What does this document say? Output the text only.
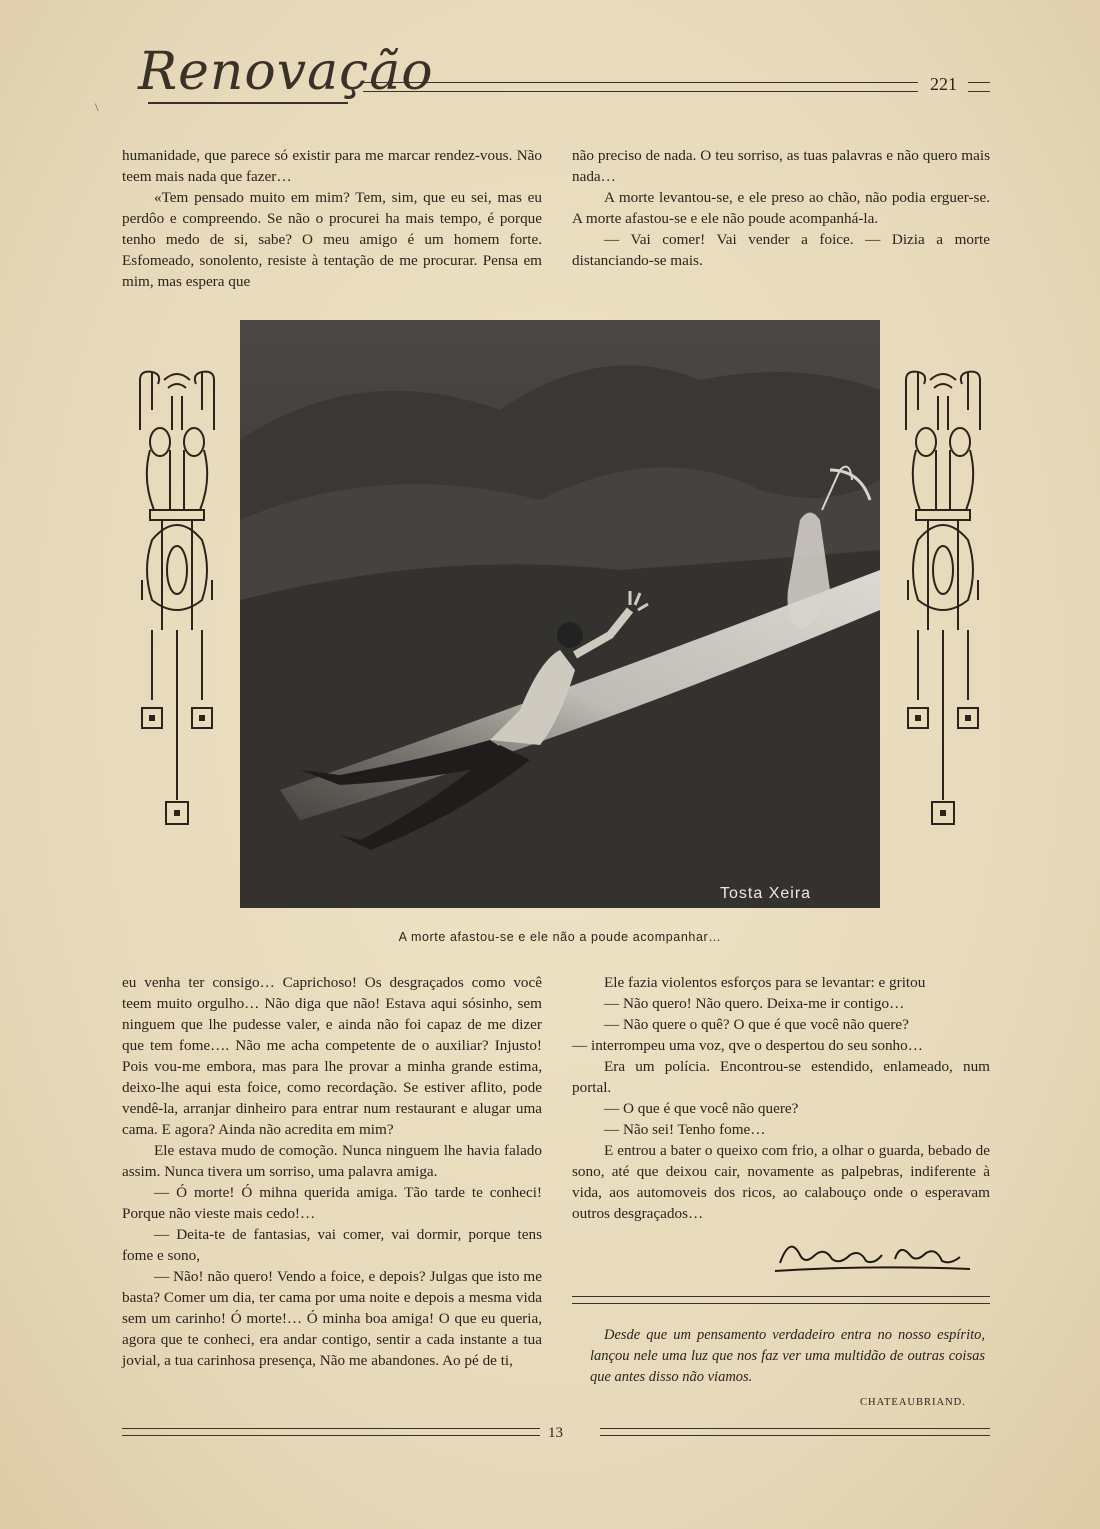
\
Renovação	221

humanidade, que parece só existir para me marcar rendez-vous. Não teem mais nada que fazer…

«Tem pensado muito em mim? Tem, sim, que eu sei, mas eu perdôo e compreendo. Se não o procurei ha mais tempo, é porque tenho medo de si, sabe? O meu amigo é um homem forte. Esfomeado, sonolento, resiste à tentação de me procurar. Pensa em mim, mas espera que

não preciso de nada. O teu sorriso, as tuas palavras e não quero mais nada…

A morte levantou-se, e ele preso ao chão, não podia erguer-se. A morte afastou-se e ele não poude acompanhá-la.

— Vai comer! Vai vender a foice. — Dizia a morte distanciando-se mais.

Tosta Xeira
A morte afastou-se e ele não a poude acompanhar…

eu venha ter consigo… Caprichoso! Os desgraçados como você teem muito orgulho… Não diga que não! Estava aqui sósinho, sem ninguem que lhe pudesse valer, e ainda não foi capaz de me dizer que tem fome…. Não me acha competente de o auxiliar? Injusto! Pois vou-me embora, mas para lhe provar a minha grande estima, deixo-lhe aqui esta foice, como recordação. Se estiver aflito, pode vendê-la, arranjar dinheiro para entrar num restaurant e alugar uma cama. E agora? Ainda não acredita em mim?

Ele estava mudo de comoção. Nunca ninguem lhe havia falado assim. Nunca tivera um sorriso, uma palavra amiga.

— Ó morte! Ó mihna querida amiga. Tão tarde te conheci! Porque não vieste mais cedo!…

— Deita-te de fantasias, vai comer, vai dormir, porque tens fome e sono,

— Não! não quero! Vendo a foice, e depois? Julgas que isto me basta? Comer um dia, ter cama por uma noite e depois a mesma vida sem um carinho! Ó morte!… Ó minha boa amiga! O que eu queria, agora que te conheci, era andar contigo, sentir a cada instante a tua jovial, a tua carinhosa presença, Não me abandones. Ao pé de ti,

Ele fazia violentos esforços para se levantar: e gritou

— Não quero! Não quero. Deixa-me ir contigo…

— Não quere o quê? O que é que você não quere?

— interrompeu uma voz, qve o despertou do seu sonho…

Era um polícia. Encontrou-se estendido, enlameado, num portal.

— O que é que você não quere?

— Não sei! Tenho fome…

E entrou a bater o queixo com frio, a olhar o guarda, bebado de sono, até que deixou cair, novamente as palpebras, indiferente à vida, aos automoveis dos ricos, ao calabouço onde o esperavam outros desgraçados…

Desde que um pensamento verdadeiro entra no nosso espírito, lançou nele uma luz que nos faz ver uma multidão de outras coisas que antes disso não viamos.

CHATEAUBRIAND.
13
